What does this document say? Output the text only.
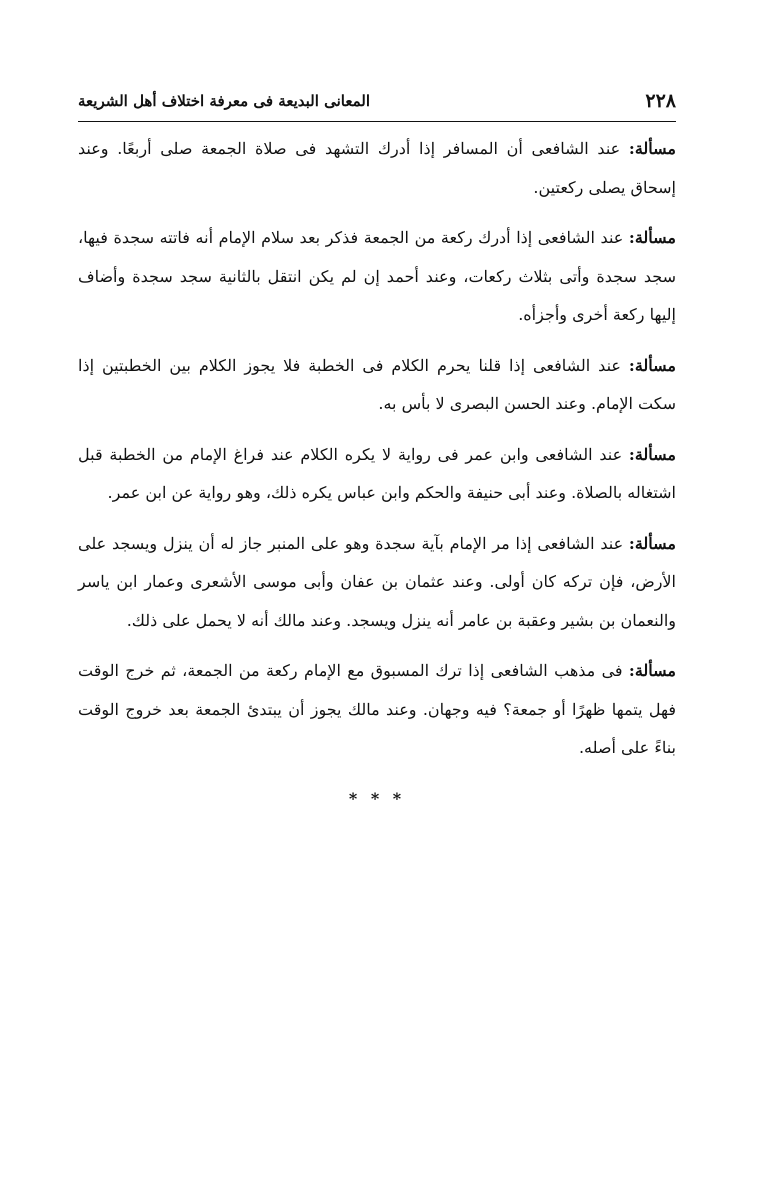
٢٢٨
المعانى البديعة فى معرفة اختلاف أهل الشريعة

مسألة: عند الشافعى أن المسافر إذا أدرك التشهد فى صلاة الجمعة صلى أربعًا. وعند إسحاق يصلى ركعتين.

مسألة: عند الشافعى إذا أدرك ركعة من الجمعة فذكر بعد سلام الإمام أنه فاتته سجدة فيها، سجد سجدة وأتى بثلاث ركعات، وعند أحمد إن لم يكن انتقل بالثانية سجد سجدة وأضاف إليها ركعة أخرى وأجزأه.

مسألة: عند الشافعى إذا قلنا يحرم الكلام فى الخطبة فلا يجوز الكلام بين الخطبتين إذا سكت الإمام. وعند الحسن البصرى لا بأس به.

مسألة: عند الشافعى وابن عمر فى رواية لا يكره الكلام عند فراغ الإمام من الخطبة قبل اشتغاله بالصلاة. وعند أبى حنيفة والحكم وابن عباس يكره ذلك، وهو رواية عن ابن عمر.

مسألة: عند الشافعى إذا مر الإمام بآية سجدة وهو على المنبر جاز له أن ينزل ويسجد على الأرض، فإن تركه كان أولى. وعند عثمان بن عفان وأبى موسى الأشعرى وعمار ابن ياسر والنعمان بن بشير وعقبة بن عامر أنه ينزل ويسجد. وعند مالك أنه لا يحمل على ذلك.

مسألة: فى مذهب الشافعى إذا ترك المسبوق مع الإمام ركعة من الجمعة، ثم خرج الوقت فهل يتمها ظهرًا أو جمعة؟ فيه وجهان. وعند مالك يجوز أن يبتدئ الجمعة بعد خروج الوقت بناءً على أصله.

* * *
